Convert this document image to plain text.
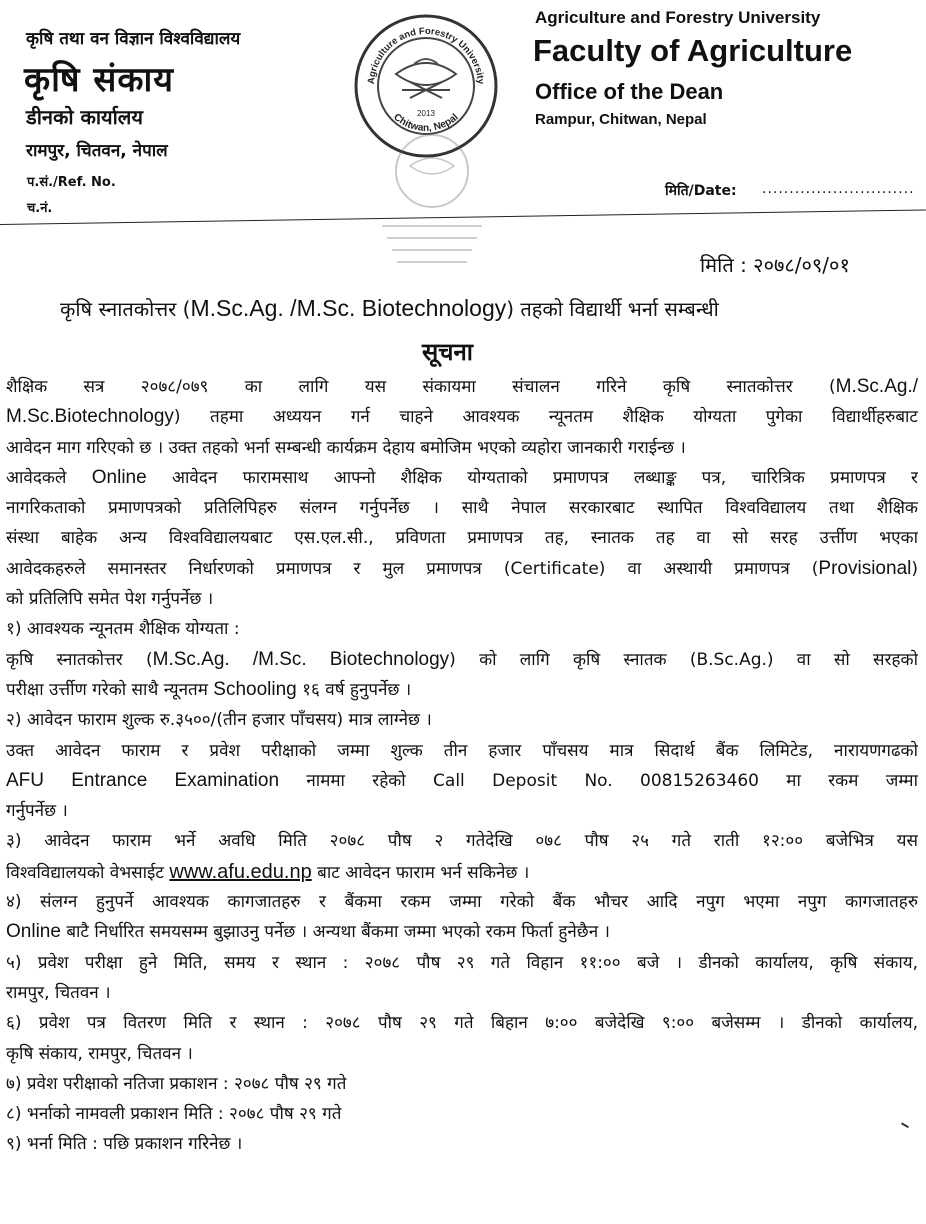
कृषि तथा वन विज्ञान विश्वविद्यालय
कृषि संकाय
डीनको कार्यालय
रामपुर, चितवन, नेपाल
प.सं./Ref. No.
च.नं.
Agriculture and Forestry University
Chitwan, Nepal
2013
Agriculture and Forestry University
Faculty of Agriculture
Office of the Dean
Rampur, Chitwan, Nepal
मिति/Date: ............................
मिति : २०७८/०९/०१
कृषि स्नातकोत्तर (M.Sc.Ag. /M.Sc. Biotechnology) तहको विद्यार्थी भर्ना सम्बन्धी
सूचना
शैक्षिक सत्र २०७८/०७९ का लागि यस संकायमा संचालन गरिने कृषि स्नातकोत्तर (M.Sc.Ag./
M.Sc.Biotechnology) तहमा अध्ययन गर्न चाहने आवश्यक न्यूनतम शैक्षिक योग्यता पुगेका विद्यार्थीहरुबाट
आवेदन माग गरिएको छ । उक्त तहको भर्ना सम्बन्धी कार्यक्रम देहाय बमोजिम भएको व्यहोरा जानकारी गराईन्छ ।
आवेदकले Online आवेदन फारामसाथ आफ्नो शैक्षिक योग्यताको प्रमाणपत्र लब्धाङ्क पत्र, चारित्रिक प्रमाणपत्र र
नागरिकताको प्रमाणपत्रको प्रतिलिपिहरु संलग्न गर्नुपर्नेछ । साथै नेपाल सरकारबाट स्थापित विश्वविद्यालय तथा शैक्षिक
संस्था बाहेक अन्य विश्वविद्यालयबाट एस.एल.सी., प्रविणता प्रमाणपत्र तह, स्नातक तह वा सो सरह उर्त्तीण भएका
आवेदकहरुले समानस्तर निर्धारणको प्रमाणपत्र र मुल प्रमाणपत्र (Certificate) वा अस्थायी प्रमाणपत्र (Provisional)
को प्रतिलिपि समेत पेश गर्नुपर्नेछ ।
१) आवश्यक न्यूनतम शैक्षिक योग्यता :
कृषि स्नातकोत्तर (M.Sc.Ag. /M.Sc. Biotechnology) को लागि कृषि स्नातक (B.Sc.Ag.) वा सो सरहको
परीक्षा उर्त्तीण गरेको साथै न्यूनतम Schooling १६ वर्ष हुनुपर्नेछ ।
२) आवेदन फाराम शुल्क रु.३५००/(तीन हजार पाँचसय) मात्र लाग्नेछ ।
उक्त आवेदन फाराम र प्रवेश परीक्षाको जम्मा शुल्क तीन हजार पाँचसय मात्र सिदार्थ बैंक लिमिटेड, नारायणगढको
AFU Entrance Examination नाममा रहेको Call Deposit No. 00815263460 मा रकम जम्मा
गर्नुपर्नेछ ।
३) आवेदन फाराम भर्ने अवधि मिति २०७८ पौष २ गतेदेखि ०७८ पौष २५ गते राती १२:०० बजेभित्र यस
विश्वविद्यालयको वेभसाईट www.afu.edu.np बाट आवेदन फाराम भर्न सकिनेछ ।
४) संलग्न हुनुपर्ने आवश्यक कागजातहरु र बैंकमा रकम जम्मा गरेको बैंक भौचर आदि नपुग भएमा नपुग कागजातहरु
Online बाटै निर्धारित समयसम्म बुझाउनु पर्नेछ । अन्यथा बैंकमा जम्मा भएको रकम फिर्ता हुनेछैन ।
५) प्रवेश परीक्षा हुने मिति, समय र स्थान : २०७८ पौष २९ गते विहान ११:०० बजे । डीनको कार्यालय, कृषि संकाय,
रामपुर, चितवन ।
६) प्रवेश पत्र वितरण मिति र स्थान : २०७८ पौष २९ गते बिहान ७:०० बजेदेखि ९:०० बजेसम्म । डीनको कार्यालय,
कृषि संकाय, रामपुर, चितवन ।
७) प्रवेश परीक्षाको नतिजा प्रकाशन : २०७८ पौष २९ गते
८) भर्नाको नामवली प्रकाशन मिति : २०७८ पौष २९ गते
९) भर्ना मिति : पछि प्रकाशन गरिनेछ ।
